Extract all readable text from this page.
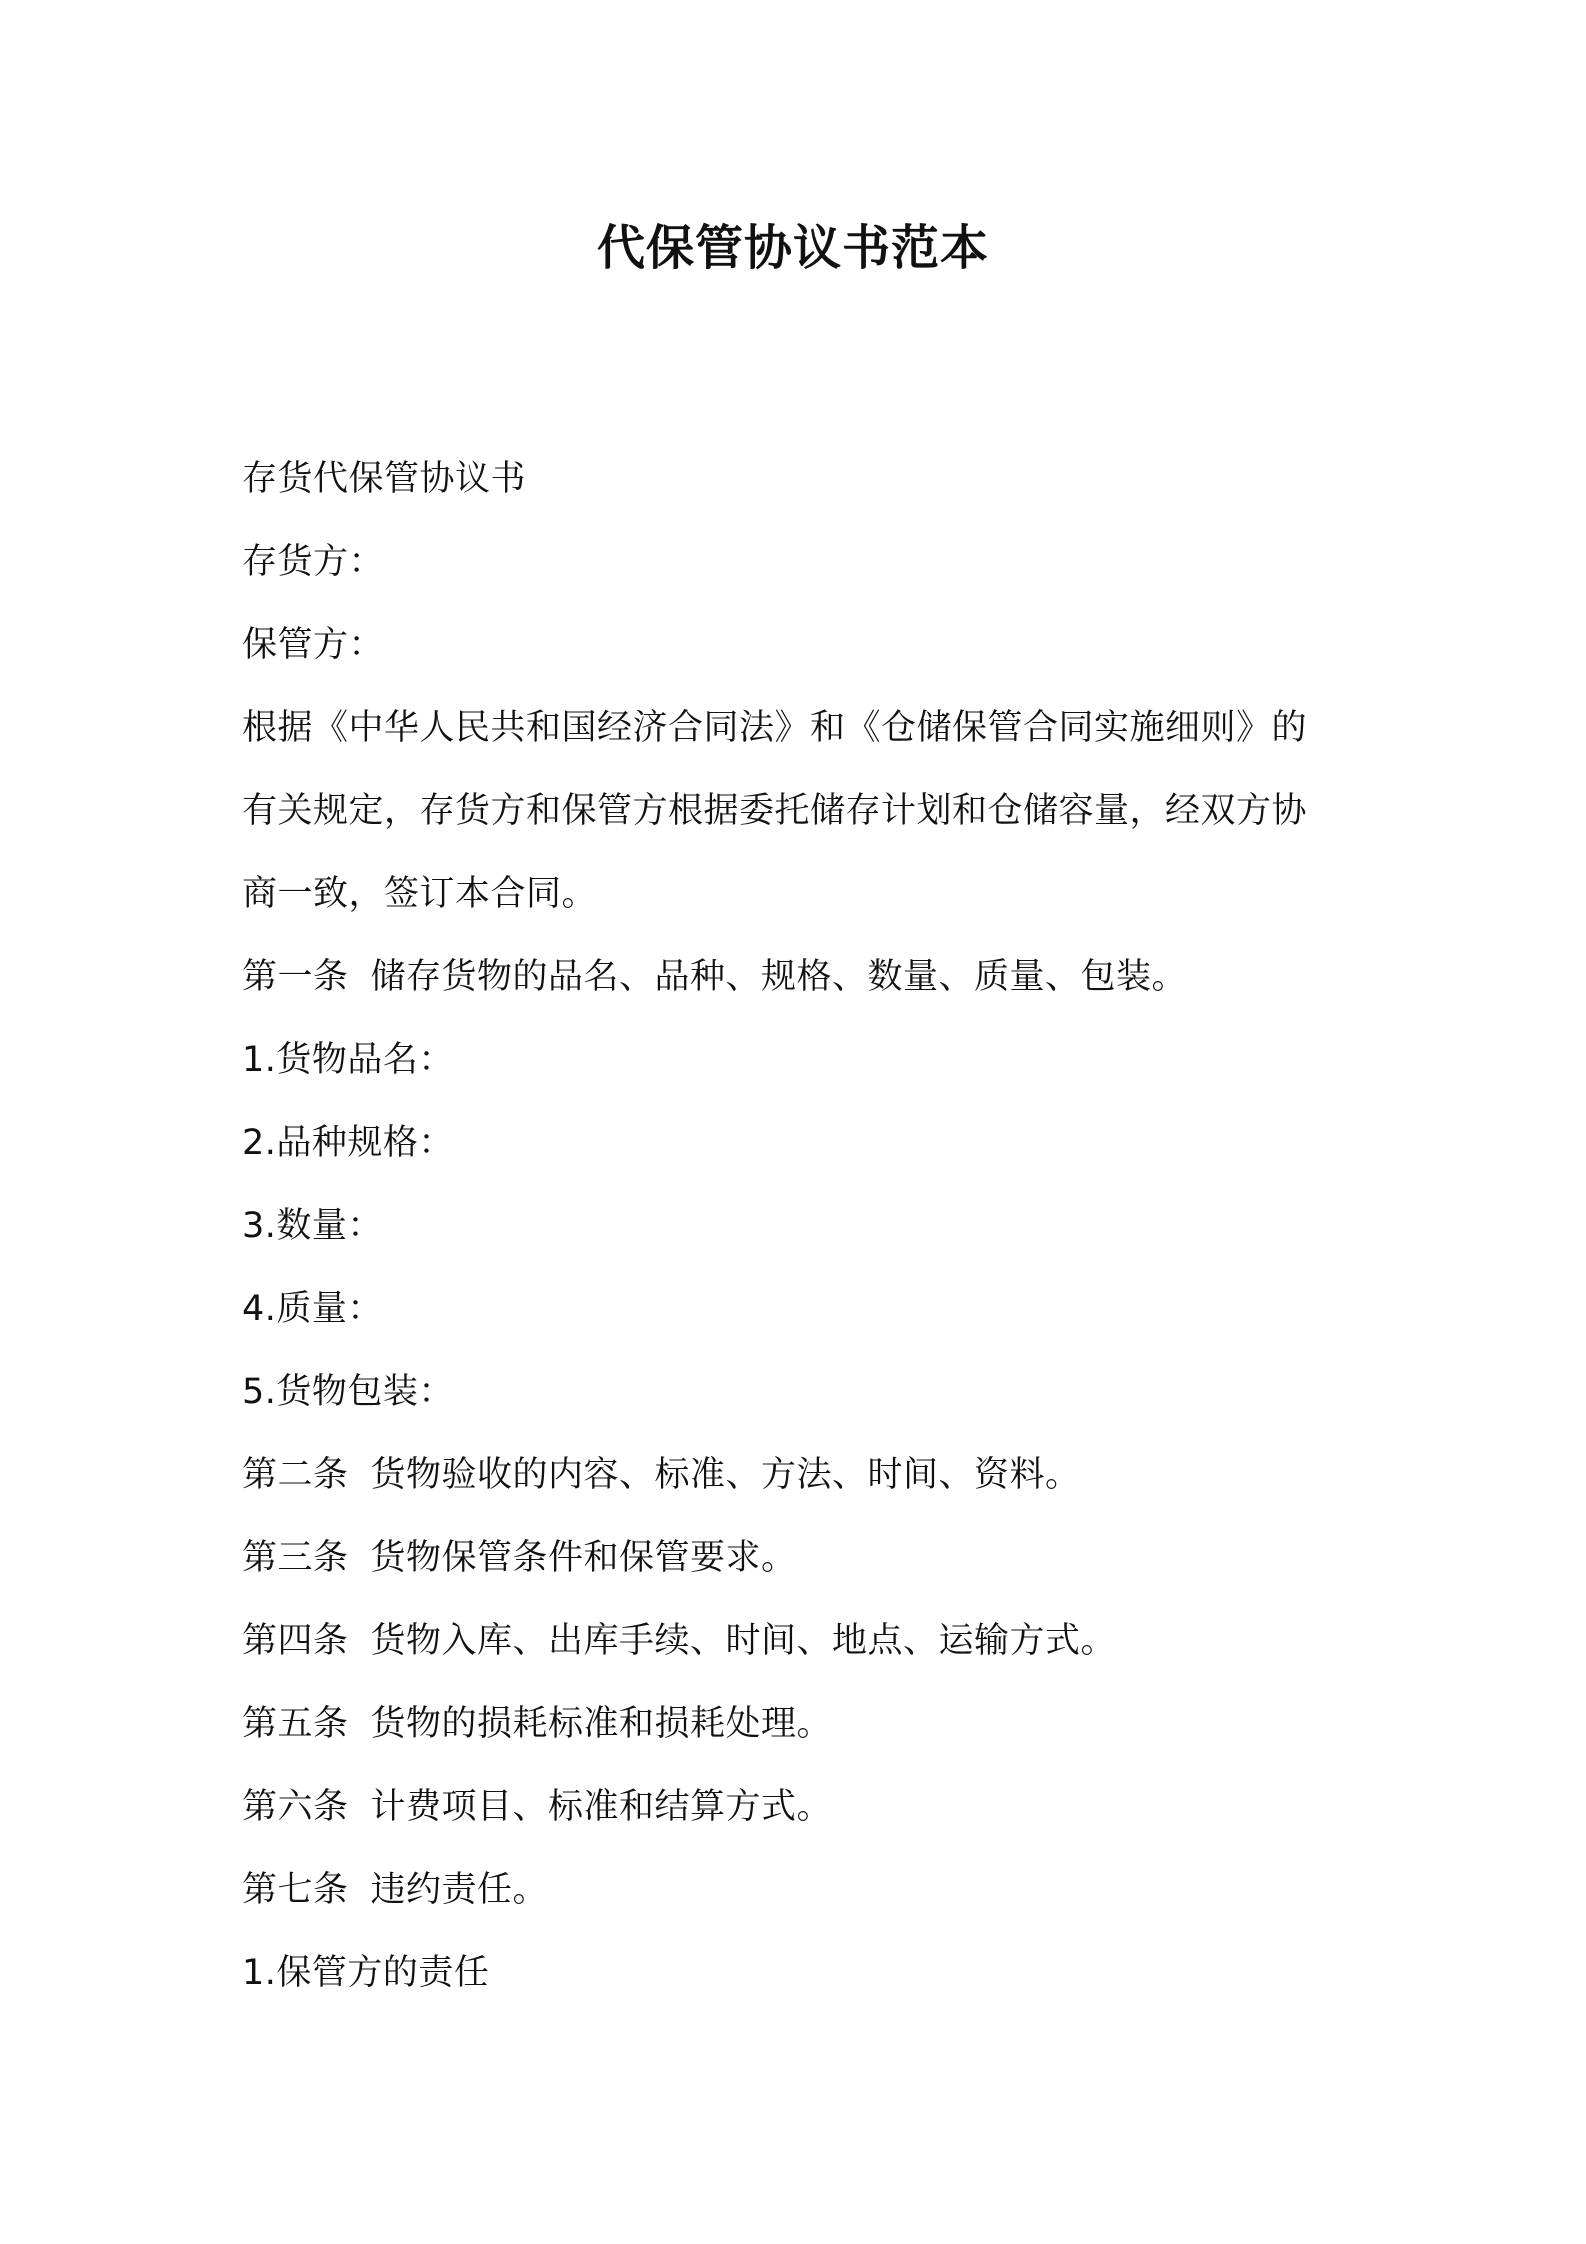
代保管协议书范本
存货代保管协议书
存货方：
保管方：
根据《中华人民共和国经济合同法》和《仓储保管合同实施细则》的
有关规定，存货方和保管方根据委托储存计划和仓储容量，经双方协
商一致，签订本合同。
第一条 储存货物的品名、品种、规格、数量、质量、包装。
1.货物品名：
2.品种规格：
3.数量：
4.质量：
5.货物包装：
第二条 货物验收的内容、标准、方法、时间、资料。
第三条 货物保管条件和保管要求。
第四条 货物入库、出库手续、时间、地点、运输方式。
第五条 货物的损耗标准和损耗处理。
第六条 计费项目、标准和结算方式。
第七条 违约责任。
1.保管方的责任
